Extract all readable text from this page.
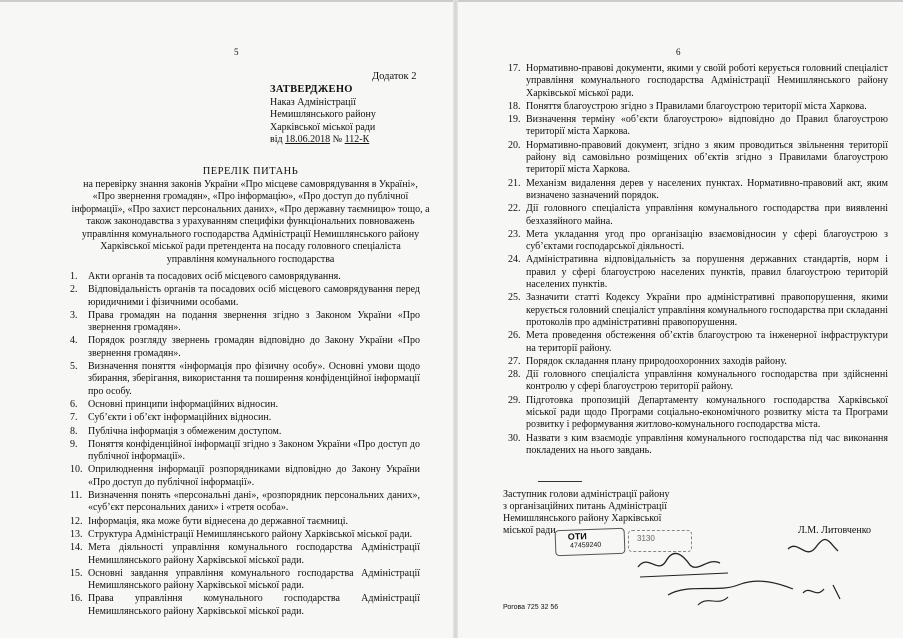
5
Додаток 2
ЗАТВЕРДЖЕНО
Наказ Адміністрації
Немишлянського району
Харківської міської ради
від 18.06.2018 № 112-К
ПЕРЕЛІК ПИТАНЬ
на перевірку знання законів України «Про місцеве самоврядування в Україні»,
«Про звернення громадян», «Про інформацію», «Про доступ до публічної
інформації», «Про захист персональних даних», «Про державну таємницю» тощо, а
також законодавства з урахуванням специфіки функціональних повноважень
управління комунального господарства Адміністрації Немишлянського району
Харківської міської ради претендента на посаду головного спеціаліста
управління комунального господарства
1.	Акти органів та посадових осіб місцевого самоврядування.
2.	Відповідальність органів та посадових осіб місцевого самоврядування перед юридичними і фізичними особами.
3.	Права громадян на подання звернення згідно з Законом України «Про звернення громадян».
4.	Порядок розгляду звернень громадян відповідно до Закону України «Про звернення громадян».
5.	Визначення поняття «інформація про фізичну особу». Основні умови щодо збирання, зберігання, використання та поширення конфіденційної інформації про особу.
6.	Основні принципи інформаційних відносин.
7.	Суб’єкти і об’єкт інформаційних відносин.
8.	Публічна інформація з обмеженим доступом.
9.	Поняття конфіденційної інформації згідно з Законом України «Про доступ до публічної інформації».
10. Оприлюднення інформації розпорядниками відповідно до Закону України «Про доступ до публічної інформації».
11. Визначення понять «персональні дані», «розпорядник персональних даних», «суб’єкт персональних даних» і «третя особа».
12. Інформація, яка може бути віднесена до державної таємниці.
13. Структура Адміністрації Немишлянського району Харківської міської ради.
14. Мета діяльності управління комунального господарства Адміністрації Немишлянського району Харківської міської ради.
15. Основні завдання управління комунального господарства Адміністрації Немишлянського району Харківської міської ради.
16. Права управління комунального господарства Адміністрації Немишлянського району Харківської міської ради.
6
17. Нормативно-правові документи, якими у своїй роботі керується головний спеціаліст управління комунального господарства Адміністрації Немишлянського району Харківської міської ради.
18. Поняття благоустрою згідно з Правилами благоустрою території міста Харкова.
19. Визначення терміну «об’єкти благоустрою» відповідно до Правил благоустрою території міста Харкова.
20. Нормативно-правовий документ, згідно з яким проводиться звільнення території району від самовільно розміщених об’єктів згідно з Правилами благоустрою території міста Харкова.
21. Механізм видалення дерев у населених пунктах. Нормативно-правовий акт, яким визначено зазначений порядок.
22. Дії головного спеціаліста управління комунального господарства при виявленні безхазяйного майна.
23. Мета укладання угод про організацію взаємовідносин у сфері благоустрою з суб’єктами господарської діяльності.
24. Адміністративна відповідальність за порушення державних стандартів, норм і правил у сфері благоустрою населених пунктів, правил благоустрою територій населених пунктів.
25. Зазначити статті Кодексу України про адміністративні правопорушення, якими керується головний спеціаліст управління комунального господарства при складанні протоколів про адміністративні правопорушення.
26. Мета проведення обстеження об’єктів благоустрою та інженерної інфраструктури на території району.
27. Порядок складання плану природоохоронних заходів району.
28. Дії головного спеціаліста управління комунального господарства при здійсненні контролю у сфері благоустрою території району.
29. Підготовка пропозицій Департаменту комунального господарства Харківської міської ради щодо Програми соціально-економічного розвитку міста та Програми розвитку і реформування житлово-комунального господарства міста.
30. Назвати з ким взаємодіє управління комунального господарства під час виконання покладених на нього завдань.
Заступник голови адміністрації району
з організаційних питань Адміністрації
Немишлянського району Харківської
міської ради	Л.М. Литовченко
ОТИ
47459240
3130
Рогова 725 32 56
